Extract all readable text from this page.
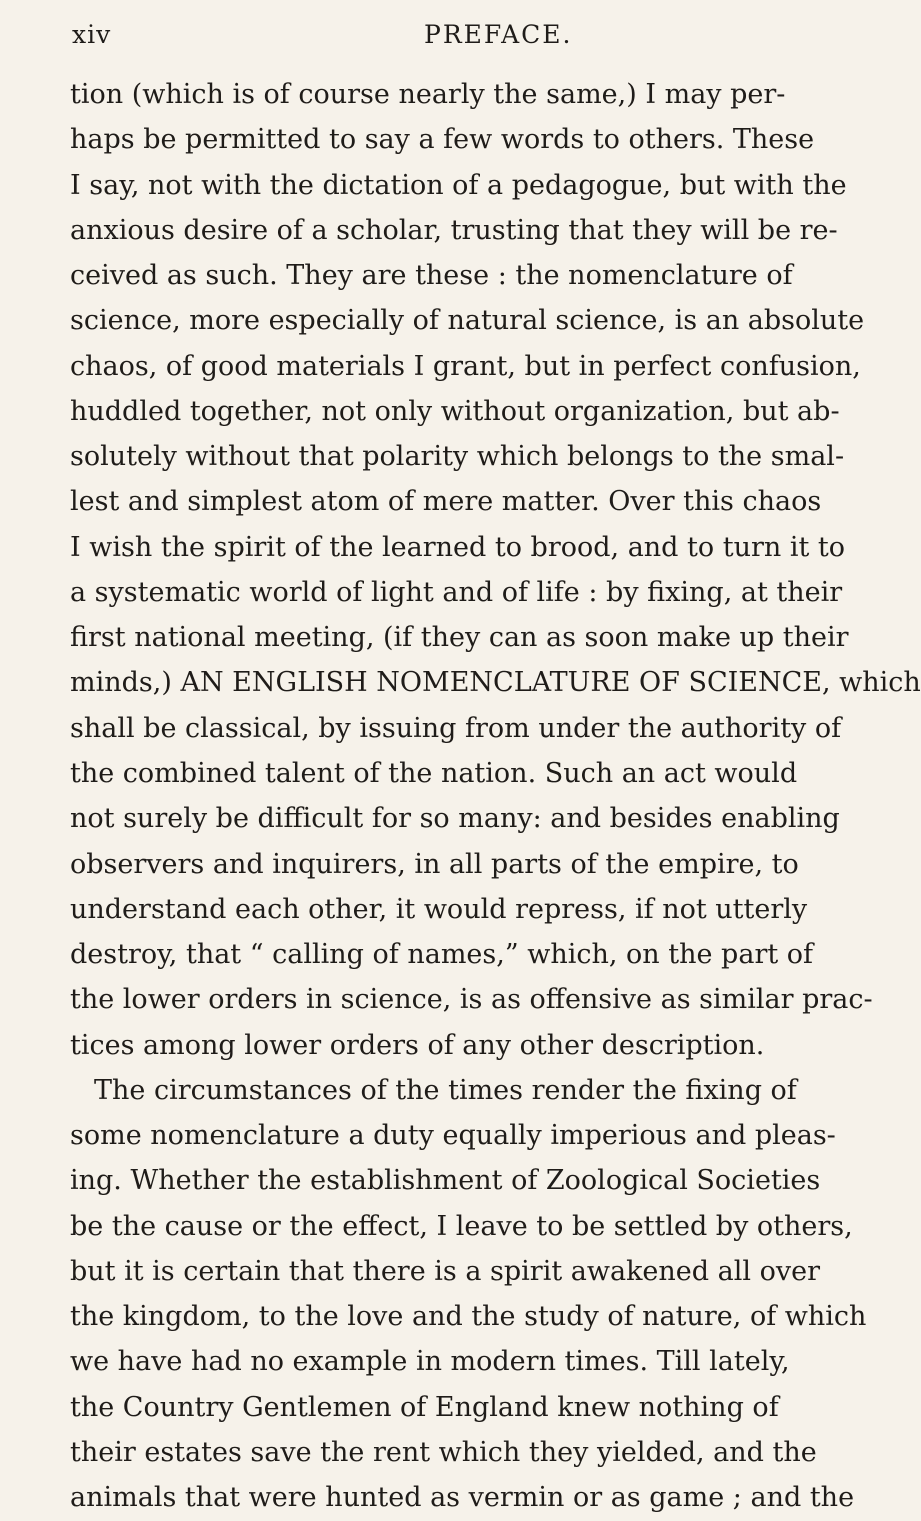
xiv	PREFACE.
tion (which is of course nearly the same,) I may per-
haps be permitted to say a few words to others. These
I say, not with the dictation of a pedagogue, but with the
anxious desire of a scholar, trusting that they will be re-
ceived as such. They are these : the nomenclature of
science, more especially of natural science, is an absolute
chaos, of good materials I grant, but in perfect confusion,
huddled together, not only without organization, but ab-
solutely without that polarity which belongs to the smal-
lest and simplest atom of mere matter. Over this chaos
I wish the spirit of the learned to brood, and to turn it to
a systematic world of light and of life : by fixing, at their
first national meeting, (if they can as soon make up their
minds,) AN ENGLISH NOMENCLATURE OF SCIENCE, which
shall be classical, by issuing from under the authority of
the combined talent of the nation. Such an act would
not surely be difficult for so many: and besides enabling
observers and inquirers, in all parts of the empire, to
understand each other, it would repress, if not utterly
destroy, that “ calling of names,” which, on the part of
the lower orders in science, is as offensive as similar prac-
tices among lower orders of any other description.
The circumstances of the times render the fixing of
some nomenclature a duty equally imperious and pleas-
ing. Whether the establishment of Zoological Societies
be the cause or the effect, I leave to be settled by others,
but it is certain that there is a spirit awakened all over
the kingdom, to the love and the study of nature, of which
we have had no example in modern times. Till lately,
the Country Gentlemen of England knew nothing of
their estates save the rent which they yielded, and the
animals that were hunted as vermin or as game ; and the
